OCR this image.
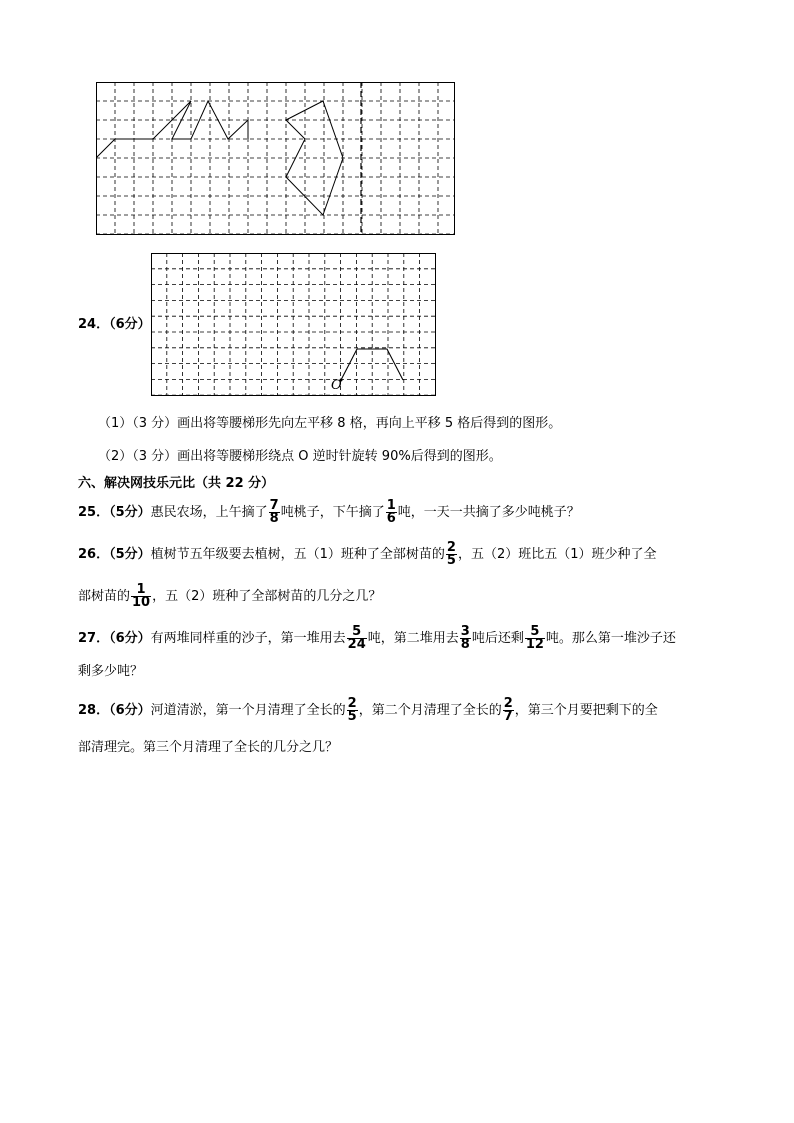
24．（6分）
O
（1）（3 分）画出将等腰梯形先向左平移 8 格，再向上平移 5 格后得到的图形。
（2）（3 分）画出将等腰梯形绕点 O 逆时针旋转 90%后得到的图形。
六、解决网技乐元比（共 22 分）
25．（5分）惠民农场，上午摘了 $\frac{7}{8}$ 吨桃子，下午摘了 $\frac{1}{6}$ 吨，一天一共摘了多少吨桃子？
26．（5分）植树节五年级要去植树，五（1）班种了全部树苗的 $\frac{2}{5}$ ，五（2）班比五（1）班少种了全
部树苗的 $\frac{1}{10}$ ，五（2）班种了全部树苗的几分之几？
27．（6分）有两堆同样重的沙子，第一堆用去 $\frac{5}{24}$ 吨，第二堆用去 $\frac{3}{8}$ 吨后还剩 $\frac{5}{12}$ 吨。那么第一堆沙子还
剩多少吨？
28．（6分）河道清淤，第一个月清理了全长的 $\frac{2}{5}$ ，第二个月清理了全长的 $\frac{2}{7}$ ，第三个月要把剩下的全
部清理完。第三个月清理了全长的几分之几？
